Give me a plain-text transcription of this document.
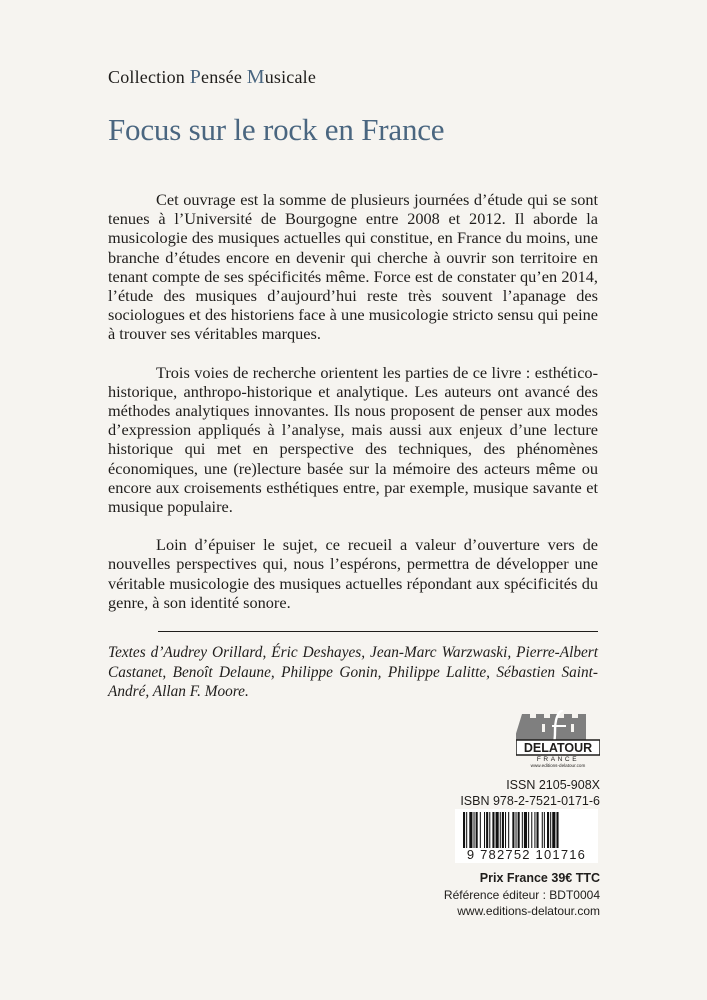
Collection Pensée Musicale
Focus sur le rock en France

Cet ouvrage est la somme de plusieurs journées d’étude qui se sont tenues à l’Université de Bourgogne entre 2008 et 2012. Il aborde la musicologie des musiques actuelles qui constitue, en France du moins, une branche d’études encore en devenir qui cherche à ouvrir son territoire en tenant compte de ses spécificités même. Force est de constater qu’en 2014, l’étude des musiques d’aujourd’hui reste très souvent l’apanage des sociologues et des historiens face à une musicologie stricto sensu qui peine à trouver ses véritables marques.

Trois voies de recherche orientent les parties de ce livre : esthético-historique, anthropo-historique et analytique. Les auteurs ont avancé des méthodes analytiques innovantes. Ils nous proposent de penser aux modes d’expression appliqués à l’analyse, mais aussi aux enjeux d’une lecture historique qui met en perspective des techniques, des phénomènes économiques, une (re)lecture basée sur la mémoire des acteurs même ou encore aux croisements esthétiques entre, par exemple, musique savante et musique populaire.

Loin d’épuiser le sujet, ce recueil a valeur d’ouverture vers de nouvelles perspectives qui, nous l’espérons, permettra de développer une véritable musicologie des musiques actuelles répondant aux spécificités du genre, à son identité sonore.

Textes d’Audrey Orillard, Éric Deshayes, Jean-Marc Warzwaski, Pierre-Albert Castanet, Benoît Delaune, Philippe Gonin, Philippe Lalitte, Sébastien Saint-André, Allan F. Moore.
DELATOUR
FRANCE
www.editions-delatour.com
ISSN 2105-908X
ISBN 978-2-7521-0171-6
9 782752 101716
Prix France 39€ TTC
Référence éditeur : BDT0004
www.editions-delatour.com
